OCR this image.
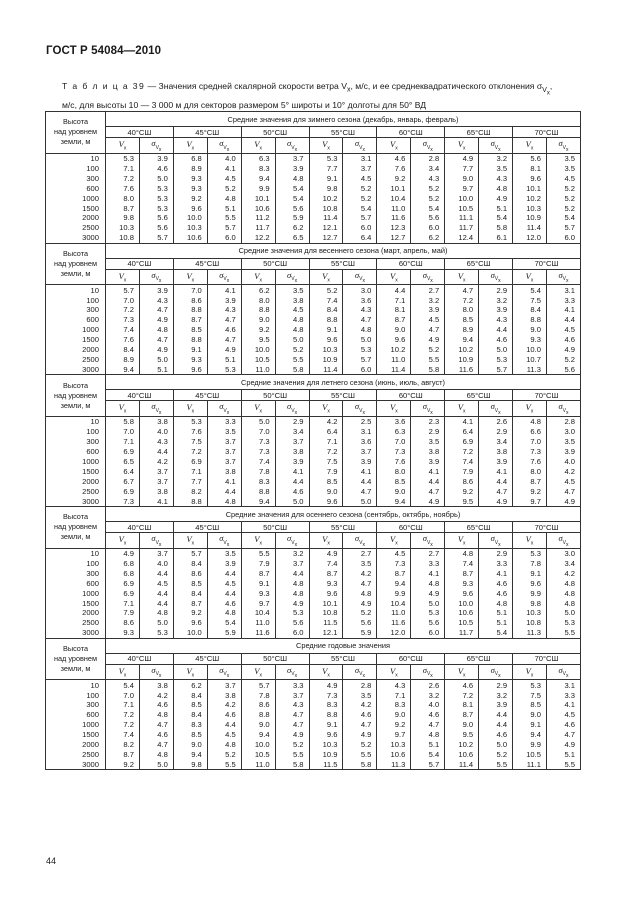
ГОСТ Р 54084—2010
Т а б л и ц а 39 — Значения средней скалярной скорости ветра $V_x$, м/с, и ее среднеквадратического отклонения $\sigma_{V_x}$,
м/с, для высоты 10 — 3 000 м для секторов размером 5° широты и 10° долготы для 50° ВД
Высота
над уровнем
земли, м	Средние значения для зимнего сезона (декабрь, январь, февраль)													
	40°СШ		45°СШ		50°СШ		55°СШ		60°СШ		65°СШ		70°СШ	
	$V_x$	$\sigma_{V_x}$	$V_x$	$\sigma_{V_x}$	$V_x$	$\sigma_{V_x}$	$V_x$	$\sigma_{V_x}$	$V_x$	$\sigma_{V_x}$	$V_x$	$\sigma_{V_x}$	$V_x$	$\sigma_{V_x}$
10	5.3	3.9	6.8	4.0	6.3	3.7	5.3	3.1	4.6	2.8	4.9	3.2	5.6	3.5
100	7.1	4.6	8.9	4.1	8.3	3.9	7.7	3.7	7.6	3.4	7.7	3.5	8.1	3.5
300	7.2	5.0	9.3	4.5	9.4	4.8	9.1	4.5	9.2	4.3	9.0	4.3	9.6	4.5
600	7.6	5.3	9.3	5.2	9.9	5.4	9.8	5.2	10.1	5.2	9.7	4.8	10.1	5.2
1000	8.0	5.3	9.2	4.8	10.1	5.4	10.2	5.2	10.4	5.2	10.0	4.9	10.2	5.2
1500	8.7	5.3	9.6	5.1	10.6	5.6	10.8	5.4	11.0	5.4	10.5	5.1	10.3	5.2
2000	9.8	5.6	10.0	5.5	11.2	5.9	11.4	5.7	11.6	5.6	11.1	5.4	10.9	5.4
2500	10.3	5.6	10.3	5.7	11.7	6.2	12.1	6.0	12.3	6.0	11.7	5.8	11.4	5.7
3000	10.8	5.7	10.6	6.0	12.2	6.5	12.7	6.4	12.7	6.2	12.4	6.1	12.0	6.0
Высота
над уровнем
земли, м	Средние значения для весеннего сезона (март, апрель, май)													
	40°СШ		45°СШ		50°СШ		55°СШ		60°СШ		65°СШ		70°СШ	
	$V_x$	$\sigma_{V_x}$	$V_x$	$\sigma_{V_x}$	$V_x$	$\sigma_{V_x}$	$V_x$	$\sigma_{V_x}$	$V_x$	$\sigma_{V_x}$	$V_x$	$\sigma_{V_x}$	$V_x$	$\sigma_{V_x}$
10	5.7	3.9	7.0	4.1	6.2	3.5	5.2	3.0	4.4	2.7	4.7	2.9	5.4	3.1
100	7.0	4.3	8.6	3.9	8.0	3.8	7.4	3.6	7.1	3.2	7.2	3.2	7.5	3.3
300	7.2	4.7	8.8	4.3	8.8	4.5	8.4	4.3	8.1	3.9	8.0	3.9	8.4	4.1
600	7.3	4.9	8.7	4.7	9.0	4.8	8.8	4.7	8.7	4.5	8.5	4.3	8.8	4.4
1000	7.4	4.8	8.5	4.6	9.2	4.8	9.1	4.8	9.0	4.7	8.9	4.4	9.0	4.5
1500	7.6	4.7	8.8	4.7	9.5	5.0	9.6	5.0	9.6	4.9	9.4	4.6	9.3	4.6
2000	8.4	4.9	9.1	4.9	10.0	5.2	10.3	5.3	10.2	5.2	10.2	5.0	10.0	4.9
2500	8.9	5.0	9.3	5.1	10.5	5.5	10.9	5.7	11.0	5.5	10.9	5.3	10.7	5.2
3000	9.4	5.1	9.6	5.3	11.0	5.8	11.4	6.0	11.4	5.8	11.6	5.7	11.3	5.6
Высота
над уровнем
земли, м	Средние значения для летнего сезона (июнь, июль, август)													
	40°СШ		45°СШ		50°СШ		55°СШ		60°СШ		65°СШ		70°СШ	
	$V_x$	$\sigma_{V_x}$	$V_x$	$\sigma_{V_x}$	$V_x$	$\sigma_{V_x}$	$V_x$	$\sigma_{V_x}$	$V_x$	$\sigma_{V_x}$	$V_x$	$\sigma_{V_x}$	$V_x$	$\sigma_{V_x}$
10	5.8	3.8	5.3	3.3	5.0	2.9	4.2	2.5	3.6	2.3	4.1	2.6	4.8	2.8
100	7.0	4.0	7.6	3.5	7.0	3.4	6.4	3.1	6.3	2.9	6.4	2.9	6.6	3.0
300	7.1	4.3	7.5	3.7	7.3	3.7	7.1	3.6	7.0	3.5	6.9	3.4	7.0	3.5
600	6.9	4.4	7.2	3.7	7.3	3.8	7.2	3.7	7.3	3.8	7.2	3.8	7.3	3.9
1000	6.5	4.2	6.9	3.7	7.4	3.9	7.5	3.9	7.6	3.9	7.4	3.9	7.6	4.0
1500	6.4	3.7	7.1	3.8	7.8	4.1	7.9	4.1	8.0	4.1	7.9	4.1	8.0	4.2
2000	6.7	3.7	7.7	4.1	8.3	4.4	8.5	4.4	8.5	4.4	8.6	4.4	8.7	4.5
2500	6.9	3.8	8.2	4.4	8.8	4.6	9.0	4.7	9.0	4.7	9.2	4.7	9.2	4.7
3000	7.3	4.1	8.8	4.8	9.4	5.0	9.6	5.0	9.4	4.9	9.5	4.9	9.7	4.9
Высота
над уровнем
земли, м	Средние значения для осеннего сезона (сентябрь, октябрь, ноябрь)													
	40°СШ		45°СШ		50°СШ		55°СШ		60°СШ		65°СШ		70°СШ	
	$V_x$	$\sigma_{V_x}$	$V_x$	$\sigma_{V_x}$	$V_x$	$\sigma_{V_x}$	$V_x$	$\sigma_{V_x}$	$V_x$	$\sigma_{V_x}$	$V_x$	$\sigma_{V_x}$	$V_x$	$\sigma_{V_x}$
10	4.9	3.7	5.7	3.5	5.5	3.2	4.9	2.7	4.5	2.7	4.8	2.9	5.3	3.0
100	6.8	4.0	8.4	3.9	7.9	3.7	7.4	3.5	7.3	3.3	7.4	3.3	7.8	3.4
300	6.8	4.4	8.6	4.4	8.7	4.4	8.7	4.2	8.7	4.1	8.7	4.1	9.1	4.2
600	6.9	4.5	8.5	4.5	9.1	4.8	9.3	4.7	9.4	4.8	9.3	4.6	9.6	4.8
1000	6.9	4.4	8.4	4.4	9.3	4.8	9.6	4.8	9.9	4.9	9.6	4.6	9.9	4.8
1500	7.1	4.4	8.7	4.6	9.7	4.9	10.1	4.9	10.4	5.0	10.0	4.8	9.8	4.8
2000	7.9	4.8	9.2	4.8	10.4	5.3	10.8	5.2	11.0	5.3	10.6	5.1	10.3	5.0
2500	8.6	5.0	9.6	5.4	11.0	5.6	11.5	5.6	11.6	5.6	10.5	5.1	10.8	5.3
3000	9.3	5.3	10.0	5.9	11.6	6.0	12.1	5.9	12.0	6.0	11.7	5.4	11.3	5.5
Высота
над уровнем
земли, м	Средние годовые значения													
	40°СШ		45°СШ		50°СШ		55°СШ		60°СШ		65°СШ		70°СШ	
	$V_x$	$\sigma_{V_x}$	$V_x$	$\sigma_{V_x}$	$V_x$	$\sigma_{V_x}$	$V_x$	$\sigma_{V_x}$	$V_x$	$\sigma_{V_x}$	$V_x$	$\sigma_{V_x}$	$V_x$	$\sigma_{V_x}$
10	5.4	3.8	6.2	3.7	5.7	3.3	4.9	2.8	4.3	2.6	4.6	2.9	5.3	3.1
100	7.0	4.2	8.4	3.8	7.8	3.7	7.3	3.5	7.1	3.2	7.2	3.2	7.5	3.3
300	7.1	4.6	8.5	4.2	8.6	4.3	8.3	4.2	8.3	4.0	8.1	3.9	8.5	4.1
600	7.2	4.8	8.4	4.6	8.8	4.7	8.8	4.6	9.0	4.6	8.7	4.4	9.0	4.5
1000	7.2	4.7	8.3	4.4	9.0	4.7	9.1	4.7	9.2	4.7	9.0	4.4	9.1	4.6
1500	7.4	4.6	8.5	4.5	9.4	4.9	9.6	4.9	9.7	4.8	9.5	4.6	9.4	4.7
2000	8.2	4.7	9.0	4.8	10.0	5.2	10.3	5.2	10.3	5.1	10.2	5.0	9.9	4.9
2500	8.7	4.8	9.4	5.2	10.5	5.5	10.9	5.5	10.6	5.4	10.6	5.2	10.5	5.1
3000	9.2	5.0	9.8	5.5	11.0	5.8	11.5	5.8	11.3	5.7	11.4	5.5	11.1	5.5
44
